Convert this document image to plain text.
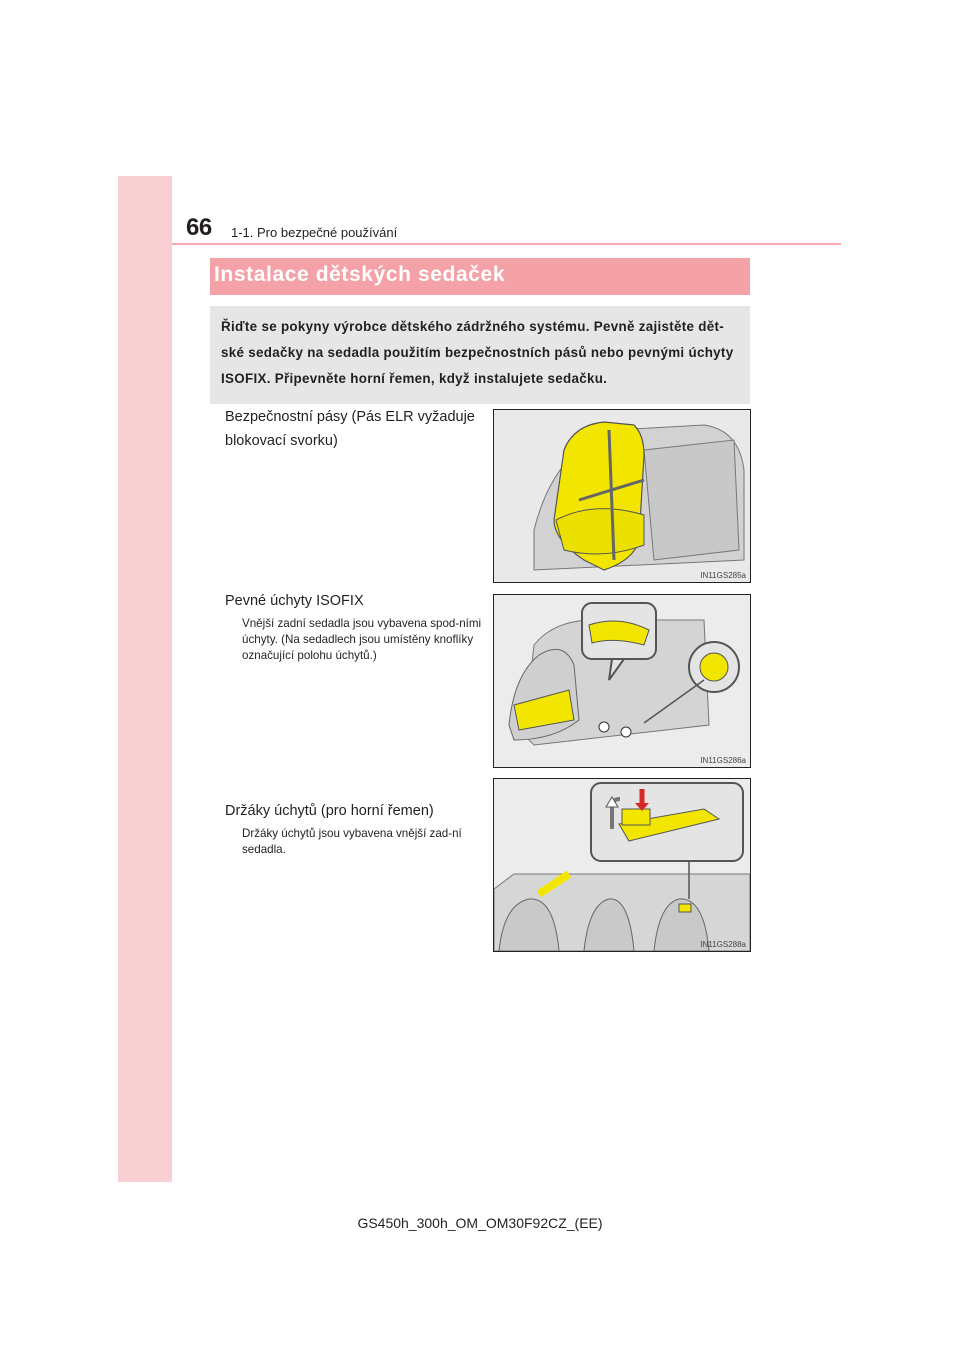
66 1-1. Pro bezpečné používání
Instalace dětských sedaček
Řiďte se pokyny výrobce dětského zádržného systému. Pevně zajistěte dět-ské sedačky na sedadla použitím bezpečnostních pásů nebo pevnými úchyty ISOFIX. Připevněte horní řemen, když instalujete sedačku.
Bezpečnostní pásy (Pás ELR vyžaduje blokovací svorku)
IN11GS285a
Pevné úchyty ISOFIX
Vnější zadní sedadla jsou vybavena spod-ními úchyty. (Na sedadlech jsou umístěny knoflíky označující polohu úchytů.)
IN11GS286a
Držáky úchytů (pro horní řemen)
Držáky úchytů jsou vybavena vnější zad-ní sedadla.
IN11GS288a
GS450h_300h_OM_OM30F92CZ_(EE)
